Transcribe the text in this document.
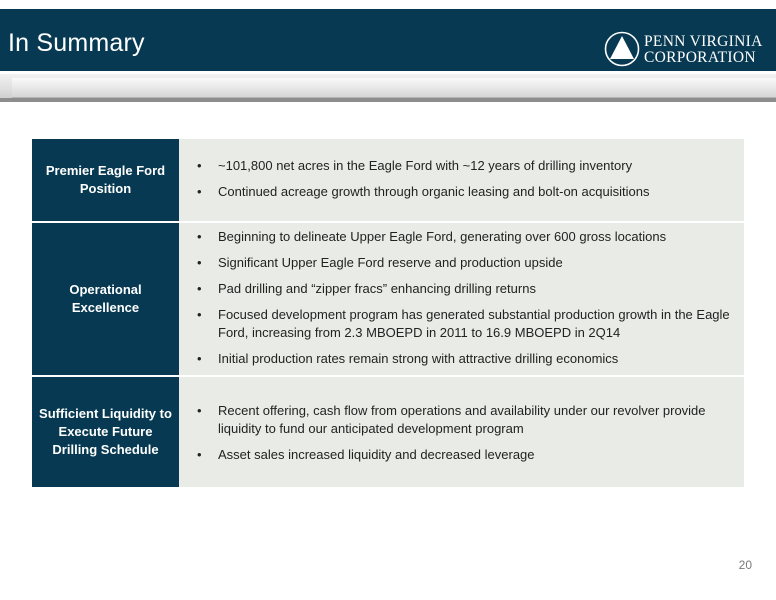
In Summary	PENN VIRGINIA
CORPORATION
Premier Eagle Ford Position
• ~101,800 net acres in the Eagle Ford with ~12 years of drilling inventory
• Continued acreage growth through organic leasing and bolt-on acquisitions
Operational Excellence
• Beginning to delineate Upper Eagle Ford, generating over 600 gross locations
• Significant Upper Eagle Ford reserve and production upside
• Pad drilling and “zipper fracs” enhancing drilling returns
• Focused development program has generated substantial production growth in the Eagle Ford, increasing from 2.3 MBOEPD in 2011 to 16.9 MBOEPD in 2Q14
• Initial production rates remain strong with attractive drilling economics
Sufficient Liquidity to Execute Future Drilling Schedule
• Recent offering, cash flow from operations and availability under our revolver provide liquidity to fund our anticipated development program
• Asset sales increased liquidity and decreased leverage
20
